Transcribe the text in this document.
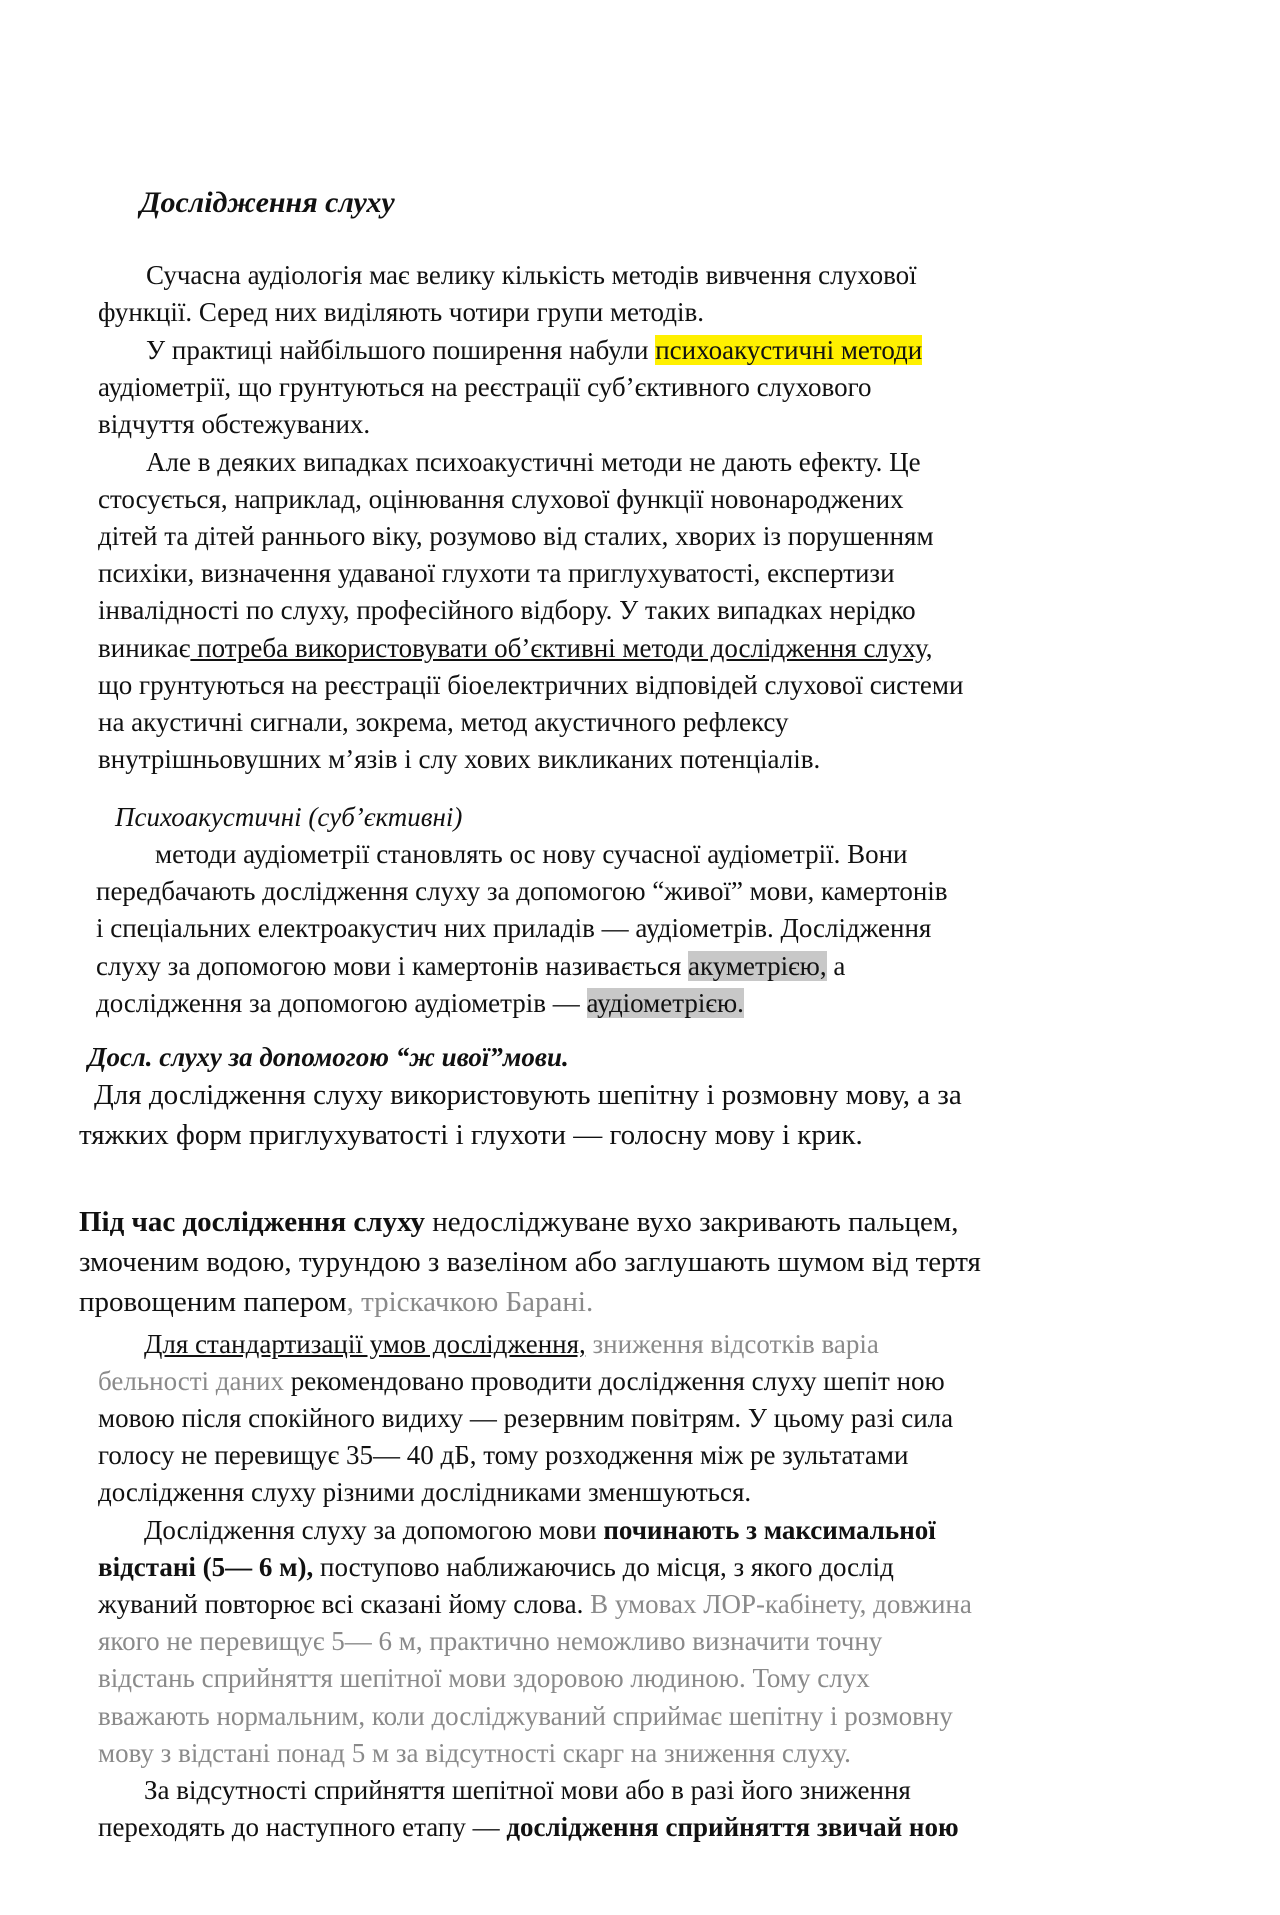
Дослідження слуху
Сучасна аудіологія має велику кількість методів вивчення слухової
функції. Серед них виділяють чотири групи методів.
У практиці найбільшого поширення набули психоакустичні методи
аудіометрії, що грунтуються на реєстрації суб’єктивного слухового
відчуття обстежуваних.
Але в деяких випадках психоакустичні методи не дають ефекту. Це
стосується, наприклад, оцінювання слухової функції новонароджених
дітей та дітей раннього віку, розумово від сталих, хворих із порушенням
психіки, визначення удаваної глухоти та приглухуватості, експертизи
інвалідності по слуху, професійного відбору. У таких випадках нерідко
виникає потреба використовувати об’єктивні методи дослідження слуху,
що грунтуються на реєстрації біоелектричних відповідей слухової системи
на акустичні сигнали, зокрема, метод акустичного рефлексу
внутрішньовушних м’язів і слу хових викликаних потенціалів.
Психоакустичні (суб’єктивні)
методи аудіометрії становлять ос нову сучасної аудіометрії. Вони
передбачають дослідження слуху за допомогою “живої” мови, камертонів
і спеціальних електроакустич них приладів — аудіометрів. Дослідження
слуху за допомогою мови і камертонів називається акуметрією, а
дослідження за допомогою аудіометрів — аудіометрією.
Досл. слуху за допомогою “ж ивої”мови.
Для дослідження слуху використовують шепітну і розмовну мову, а за
тяжких форм приглухуватості і глухоти — голосну мову і крик.
Під час дослідження слуху недосліджуване вухо закривають пальцем,
змоченим водою, турундою з вазеліном або заглушають шумом від тертя
провощеним папером, тріскачкою Барані.
Для стандартизації умов дослідження, зниження відсотків варіа
бельності даних рекомендовано проводити дослідження слуху шепіт ною
мовою після спокійного видиху — резервним повітрям. У цьому разі сила
голосу не перевищує 35— 40 дБ, тому розходження між ре зультатами
дослідження слуху різними дослідниками зменшуються.
Дослідження слуху за допомогою мови починають з максимальної
відстані (5— 6 м), поступово наближаючись до місця, з якого дослід
жуваний повторює всі сказані йому слова. В умовах ЛОР-кабінету, довжина
якого не перевищує 5— 6 м, практично неможливо визначити точну
відстань сприйняття шепітної мови здоровою людиною. Тому слух
вважають нормальним, коли досліджуваний сприймає шепітну і розмовну
мову з відстані понад 5 м за відсутності скарг на зниження слуху.
За відсутності сприйняття шепітної мови або в разі його зниження
переходять до наступного етапу — дослідження сприйняття звичай ною
